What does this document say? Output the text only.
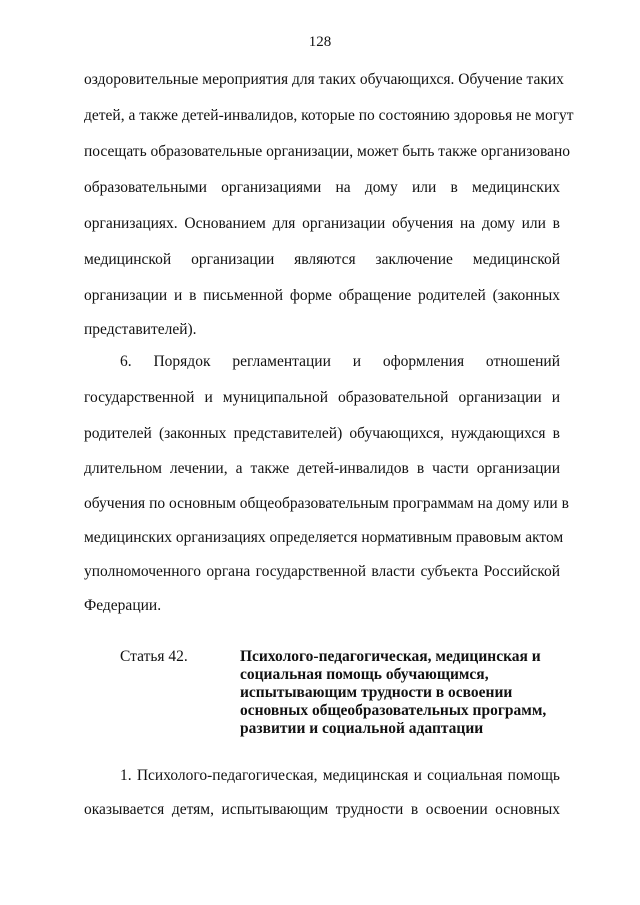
128
оздоровительные мероприятия для таких обучающихся. Обучение таких
детей, а также детей-инвалидов, которые по состоянию здоровья не могут
посещать образовательные организации, может быть также организовано
образовательными организациями на дому или в медицинских
организациях. Основанием для организации обучения на дому или в
медицинской организации являются заключение медицинской
организации и в письменной форме обращение родителей (законных
представителей).
6. Порядок регламентации и оформления отношений
государственной и муниципальной образовательной организации и
родителей (законных представителей) обучающихся, нуждающихся в
длительном лечении, а также детей-инвалидов в части организации
обучения по основным общеобразовательным программам на дому или в
медицинских организациях определяется нормативным правовым актом
уполномоченного органа государственной власти субъекта Российской
Федерации.
Статья 42.	Психолого-педагогическая, медицинская и
социальная помощь обучающимся,
испытывающим трудности в освоении
основных общеобразовательных программ,
развитии и социальной адаптации
1. Психолого-педагогическая, медицинская и социальная помощь
оказывается детям, испытывающим трудности в освоении основных
